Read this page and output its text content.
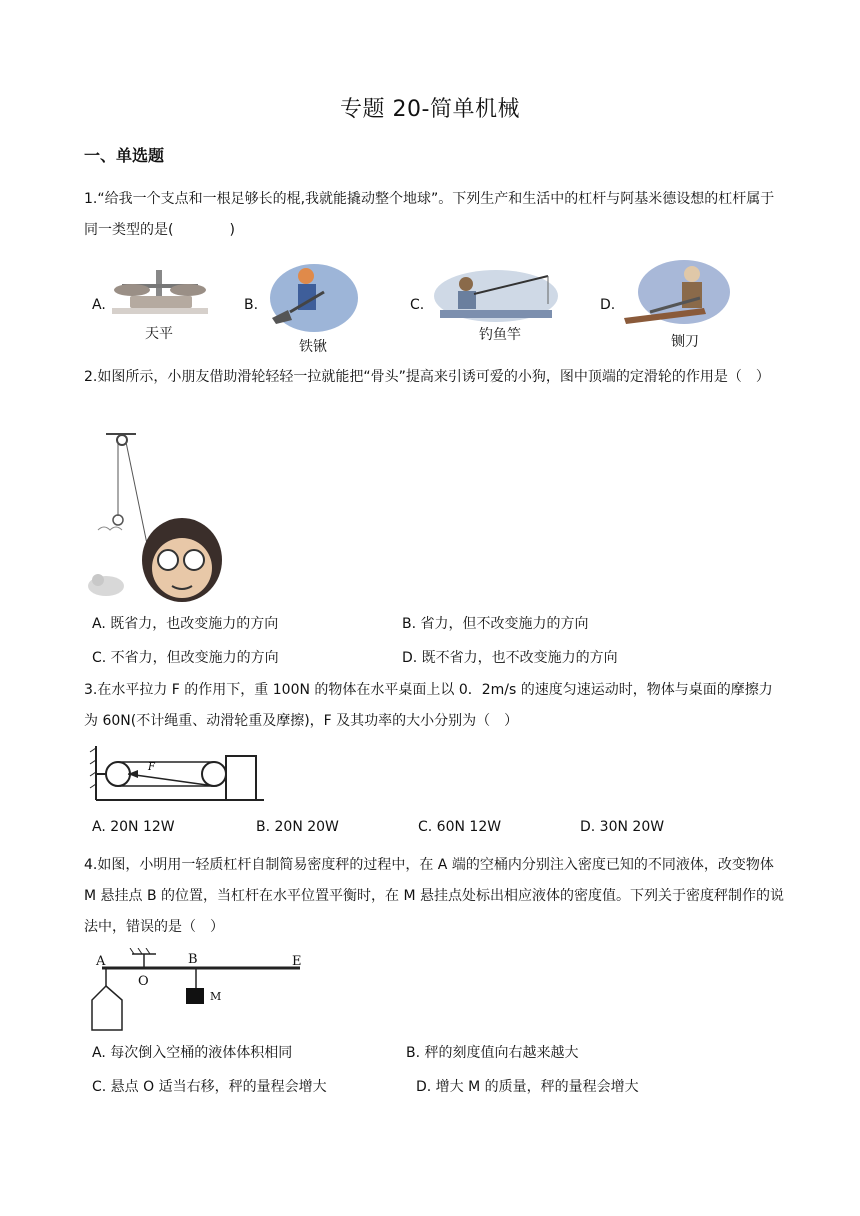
专题 20-简单机械
一、单选题
1.“给我一个支点和一根足够长的棍,我就能撬动整个地球”。下列生产和生活中的杠杆与阿基米德设想的杠杆属于同一类型的是(　　　　)
A.
天平
B.
铁锹
C.
钓鱼竿
D.
铡刀
2.如图所示，小朋友借助滑轮轻轻一拉就能把“骨头”提高来引诱可爱的小狗，图中顶端的定滑轮的作用是（　）
A. 既省力，也改变施力的方向	B. 省力，但不改变施力的方向
C. 不省力，但改变施力的方向	D. 既不省力，也不改变施力的方向
3.在水平拉力 F 的作用下，重 100N 的物体在水平桌面上以 0．2m/s 的速度匀速运动时，物体与桌面的摩擦力为 60N(不计绳重、动滑轮重及摩擦)，F 及其功率的大小分别为（　）
F
A. 20N 12W	B. 20N 20W	C. 60N 12W	D. 30N 20W
4.如图，小明用一轻质杠杆自制简易密度秤的过程中，在 A 端的空桶内分别注入密度已知的不同液体，改变物体 M 悬挂点 B 的位置，当杠杆在水平位置平衡时，在 M 悬挂点处标出相应液体的密度值。下列关于密度秤制作的说法中，错误的是（　）
A
O
B	E
M
A. 每次倒入空桶的液体体积相同	B. 秤的刻度值向右越来越大
C. 悬点 O 适当右移，秤的量程会增大	D. 增大 M 的质量，秤的量程会增大
